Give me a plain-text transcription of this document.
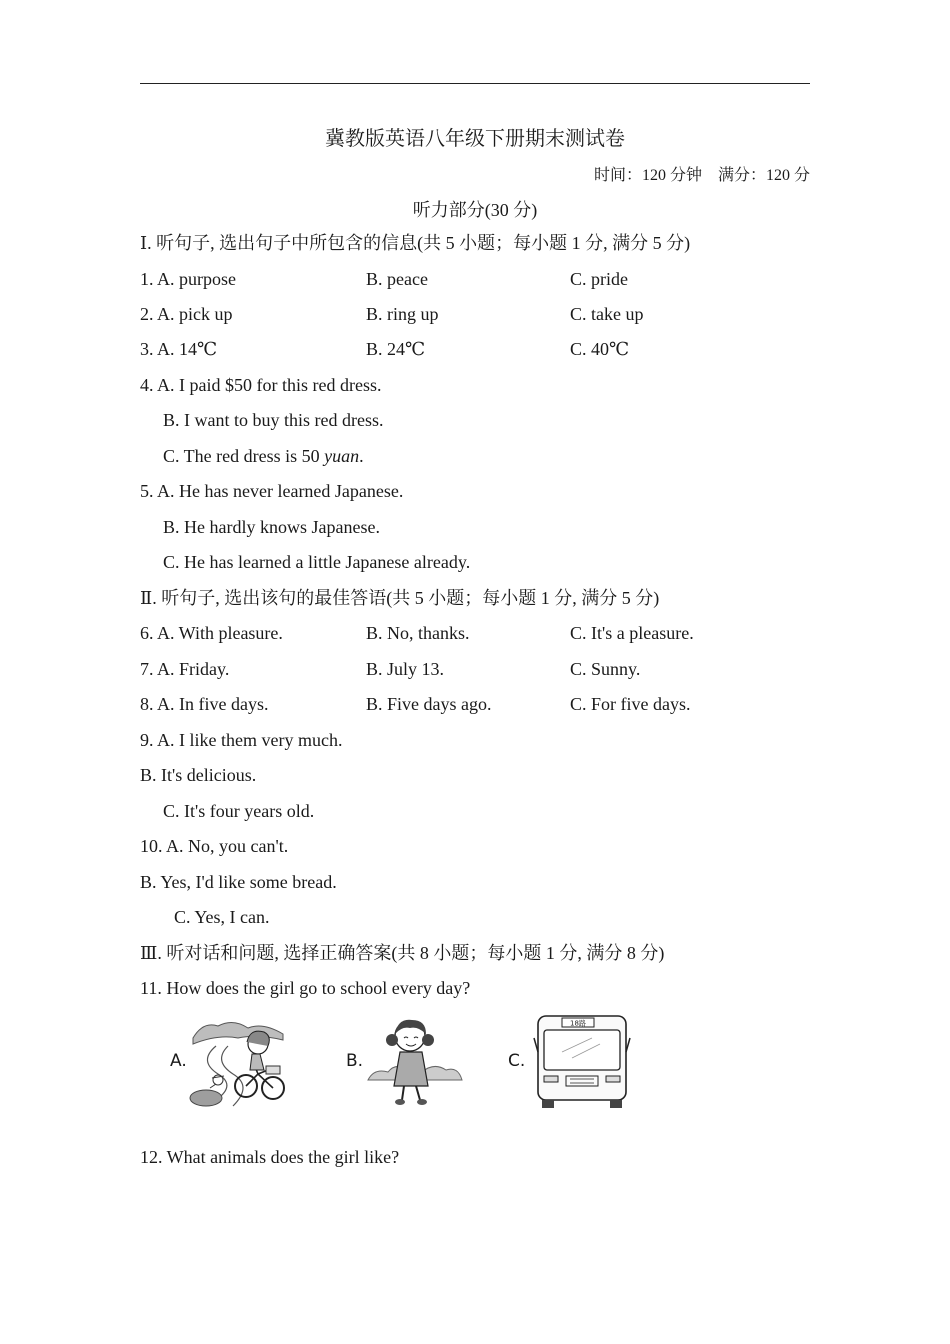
冀教版英语八年级下册期末测试卷
时间：120 分钟 满分：120 分
听力部分(30 分)
Ⅰ. 听句子, 选出句子中所包含的信息(共 5 小题；每小题 1 分, 满分 5 分)
1. A. purpose	B. peace	C. pride
2. A. pick up	B. ring up	C. take up
3. A. 14℃	B. 24℃	C. 40℃
4. A. I paid $50 for this red dress.
B. I want to buy this red dress.
C. The red dress is 50 yuan.
5. A. He has never learned Japanese.
B. He hardly knows Japanese.
C. He has learned a little Japanese already.
Ⅱ. 听句子, 选出该句的最佳答语(共 5 小题；每小题 1 分, 满分 5 分)
6. A. With pleasure.	B. No, thanks.	C. It's a pleasure.
7. A. Friday.	B. July 13.	C. Sunny.
8. A. In five days.	B. Five days ago.	C. For five days.
9. A. I like them very much.
B. It's delicious.
C. It's four years old.
10. A. No, you can't.
B. Yes, I'd like some bread.
C. Yes, I can.
Ⅲ. 听对话和问题, 选择正确答案(共 8 小题；每小题 1 分, 满分 8 分)
11. How does the girl go to school every day?
A.	B.	C.
18路
12. What animals does the girl like?
